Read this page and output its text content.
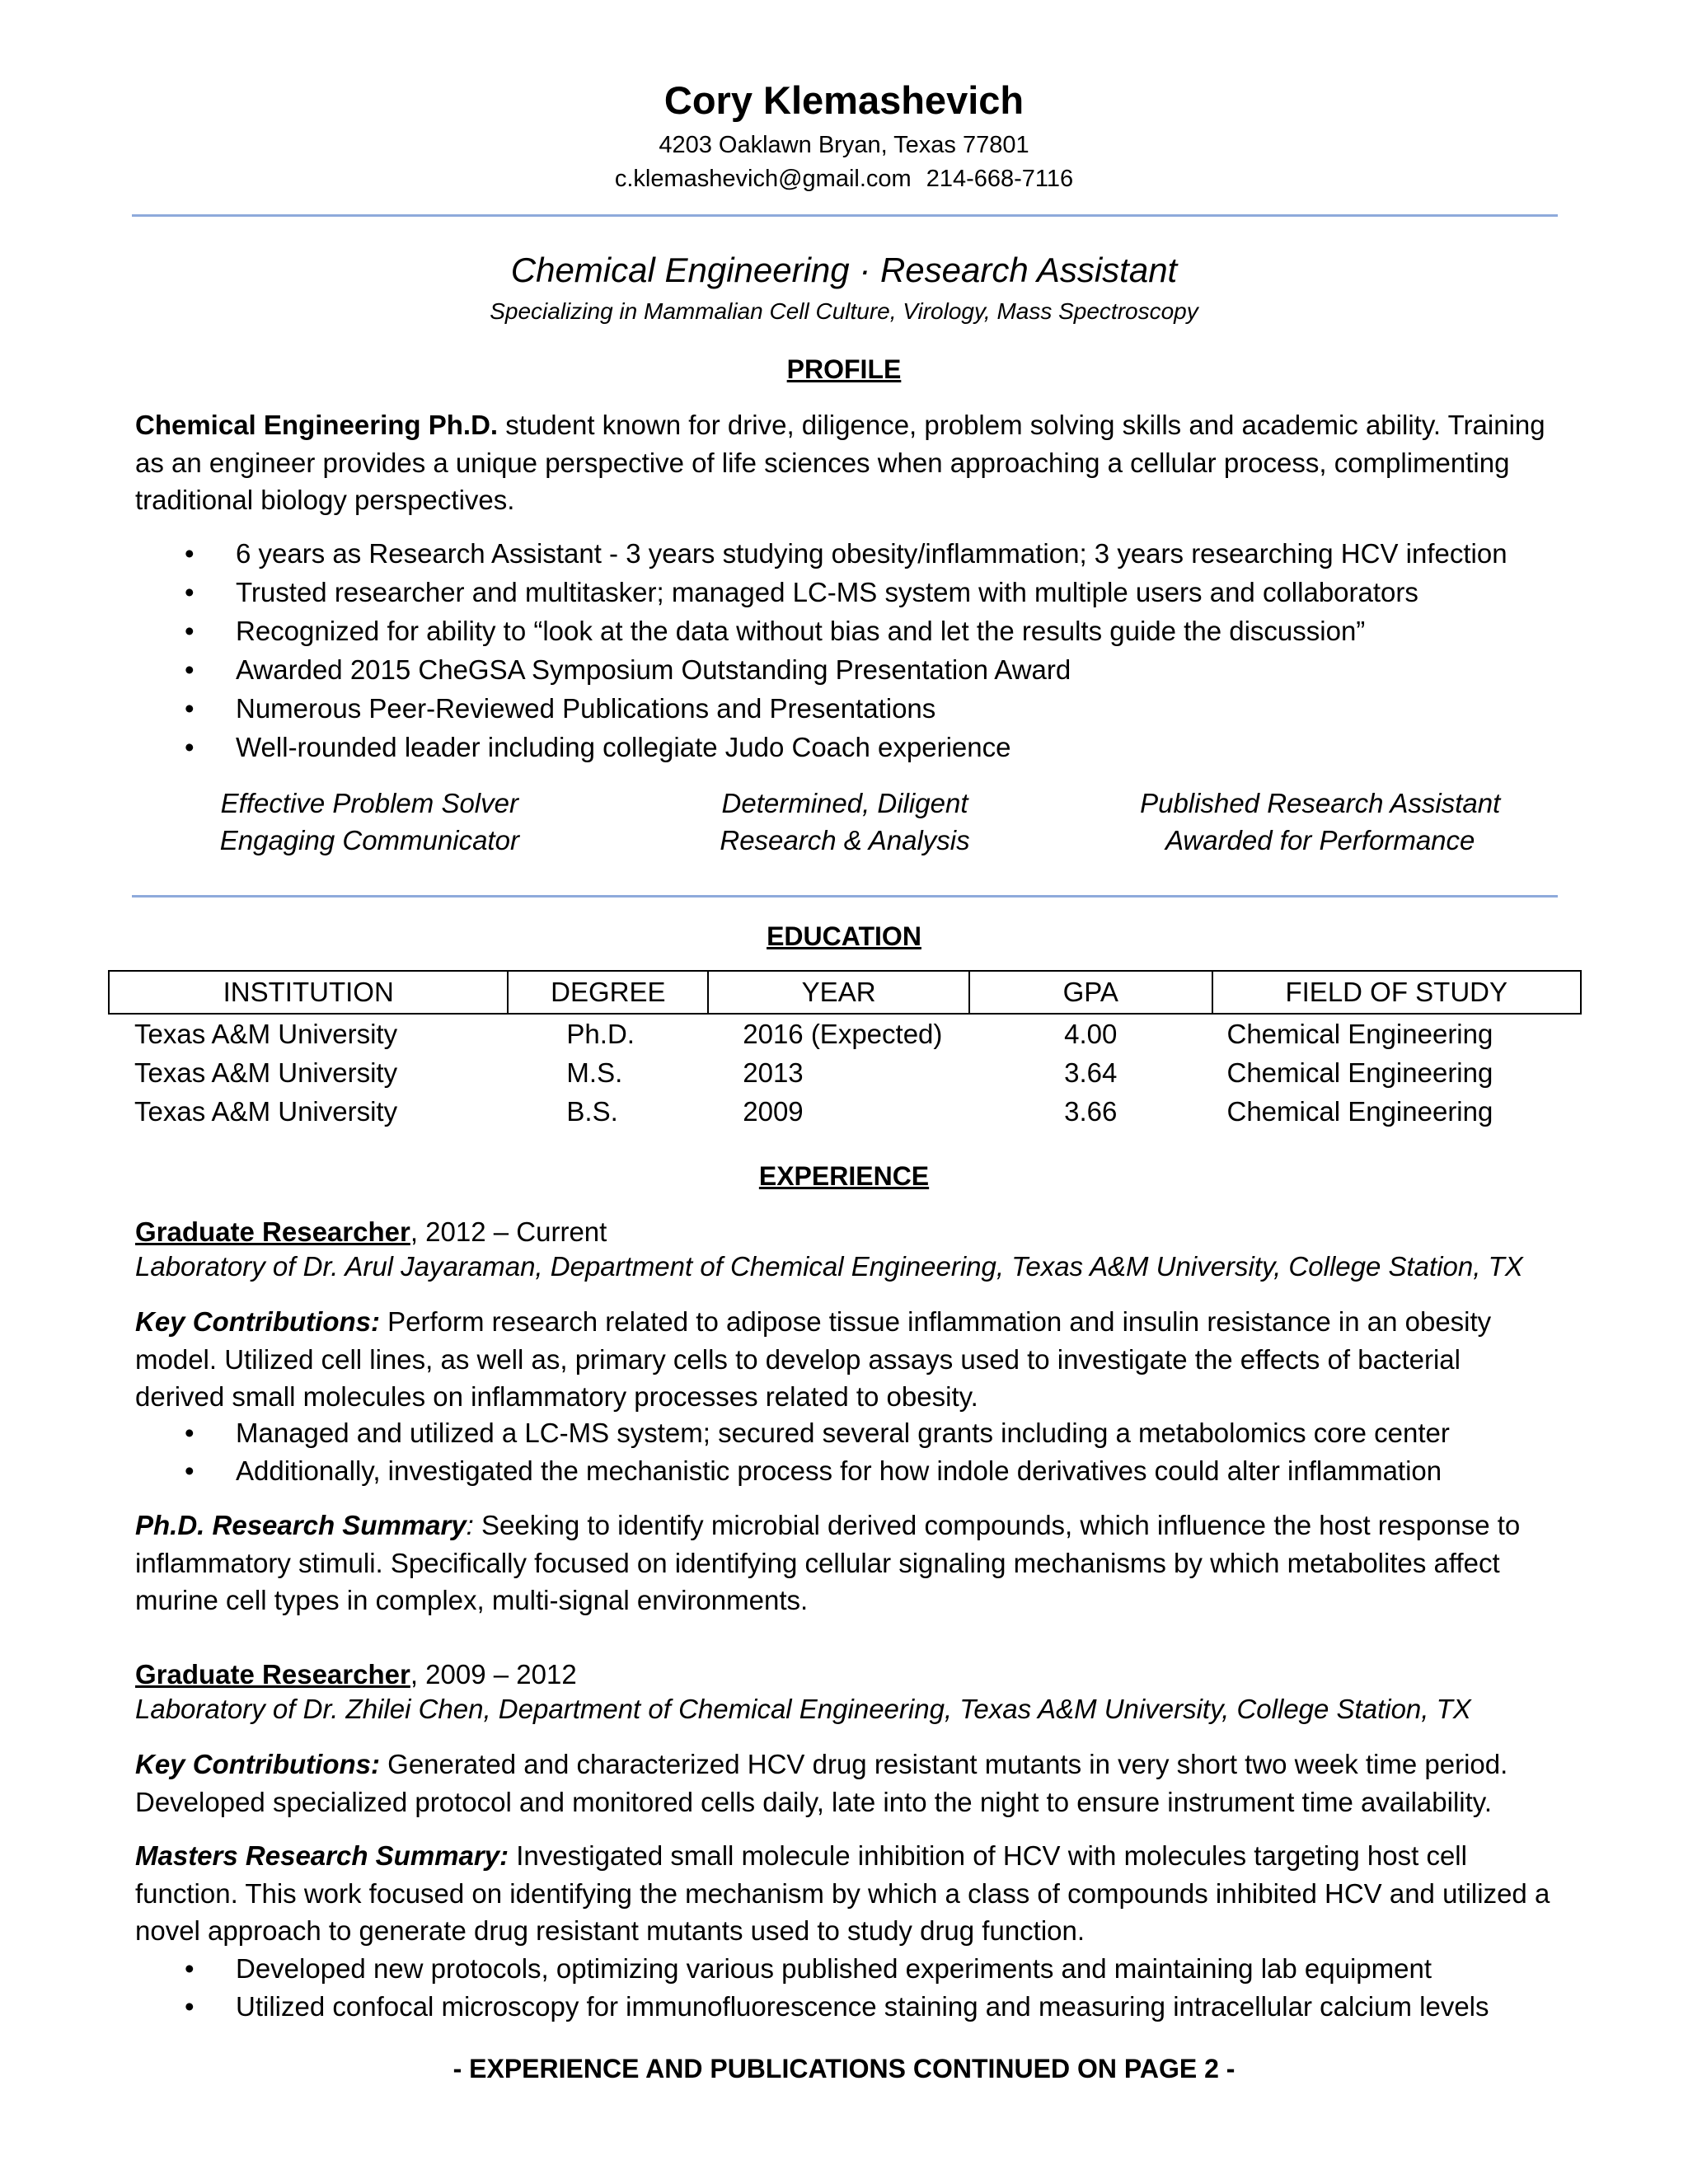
Cory Klemashevich
4203 Oaklawn Bryan, Texas 77801
c.klemashevich@gmail.com 214-668-7116
Chemical Engineering · Research Assistant
Specializing in Mammalian Cell Culture, Virology, Mass Spectroscopy
PROFILE
Chemical Engineering Ph.D. student known for drive, diligence, problem solving skills and academic ability. Training as an engineer provides a unique perspective of life sciences when approaching a cellular process, complimenting traditional biology perspectives.
• 6 years as Research Assistant - 3 years studying obesity/inflammation; 3 years researching HCV infection
• Trusted researcher and multitasker; managed LC-MS system with multiple users and collaborators
• Recognized for ability to “look at the data without bias and let the results guide the discussion”
• Awarded 2015 CheGSA Symposium Outstanding Presentation Award
• Numerous Peer-Reviewed Publications and Presentations
• Well-rounded leader including collegiate Judo Coach experience
Effective Problem Solver
Engaging Communicator
Determined, Diligent
Research & Analysis
Published Research Assistant
Awarded for Performance
EDUCATION
INSTITUTION	DEGREE	YEAR	GPA	FIELD OF STUDY
Texas A&M University	Ph.D.	2016 (Expected)	4.00	Chemical Engineering
Texas A&M University	M.S.	2013	3.64	Chemical Engineering
Texas A&M University	B.S.	2009	3.66	Chemical Engineering
EXPERIENCE
Graduate Researcher, 2012 – Current
Laboratory of Dr. Arul Jayaraman, Department of Chemical Engineering, Texas A&M University, College Station, TX
Key Contributions: Perform research related to adipose tissue inflammation and insulin resistance in an obesity model. Utilized cell lines, as well as, primary cells to develop assays used to investigate the effects of bacterial derived small molecules on inflammatory processes related to obesity.
• Managed and utilized a LC-MS system; secured several grants including a metabolomics core center
• Additionally, investigated the mechanistic process for how indole derivatives could alter inflammation
Ph.D. Research Summary: Seeking to identify microbial derived compounds, which influence the host response to inflammatory stimuli. Specifically focused on identifying cellular signaling mechanisms by which metabolites affect murine cell types in complex, multi-signal environments.
Graduate Researcher, 2009 – 2012
Laboratory of Dr. Zhilei Chen, Department of Chemical Engineering, Texas A&M University, College Station, TX
Key Contributions: Generated and characterized HCV drug resistant mutants in very short two week time period. Developed specialized protocol and monitored cells daily, late into the night to ensure instrument time availability.
Masters Research Summary: Investigated small molecule inhibition of HCV with molecules targeting host cell function. This work focused on identifying the mechanism by which a class of compounds inhibited HCV and utilized a novel approach to generate drug resistant mutants used to study drug function.
• Developed new protocols, optimizing various published experiments and maintaining lab equipment
• Utilized confocal microscopy for immunofluorescence staining and measuring intracellular calcium levels
- EXPERIENCE AND PUBLICATIONS CONTINUED ON PAGE 2 -
